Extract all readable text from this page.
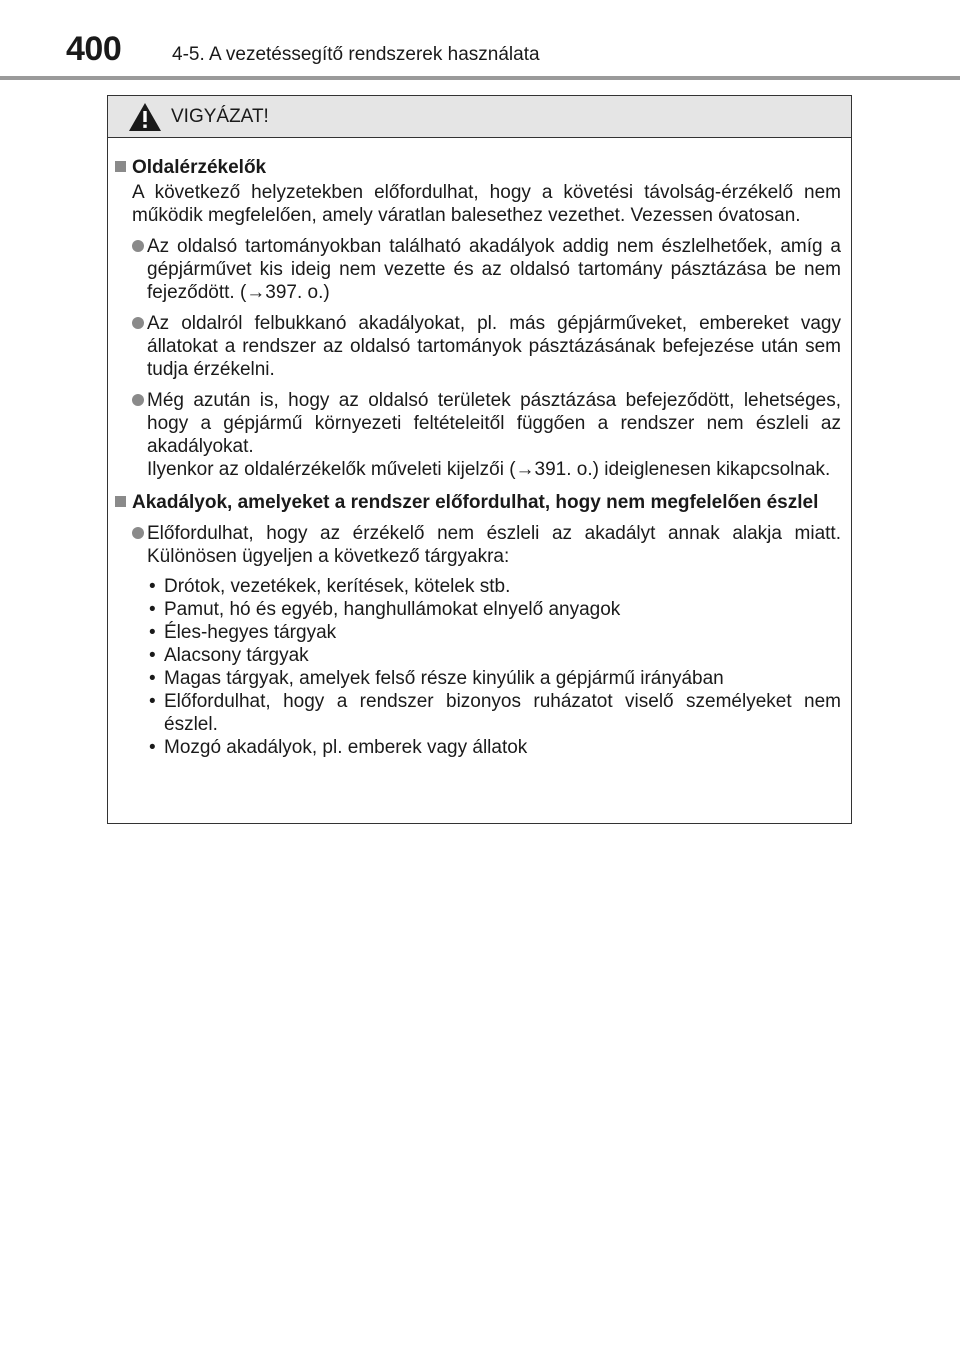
400	4-5. A vezetéssegítő rendszerek használata
VIGYÁZAT!
Oldalérzékelők
A következő helyzetekben előfordulhat, hogy a követési távolság-érzékelő nem működik megfelelően, amely váratlan balesethez vezethet. Vezessen óvatosan.
Az oldalsó tartományokban található akadályok addig nem észlelhetőek, amíg a gépjárművet kis ideig nem vezette és az oldalsó tartomány pásztázása be nem fejeződött. (→397. o.)
Az oldalról felbukkanó akadályokat, pl. más gépjárműveket, embereket vagy állatokat a rendszer az oldalsó tartományok pásztázásának befejezése után sem tudja érzékelni.
Még azután is, hogy az oldalsó területek pásztázása befejeződött, lehetséges, hogy a gépjármű környezeti feltételeitől függően a rendszer nem észleli az akadályokat.
Ilyenkor az oldalérzékelők műveleti kijelzői (→391. o.) ideiglenesen kikapcsolnak.
Akadályok, amelyeket a rendszer előfordulhat, hogy nem megfelelően észlel
Előfordulhat, hogy az érzékelő nem észleli az akadályt annak alakja miatt. Különösen ügyeljen a következő tárgyakra:
• Drótok, vezetékek, kerítések, kötelek stb.
• Pamut, hó és egyéb, hanghullámokat elnyelő anyagok
• Éles-hegyes tárgyak
• Alacsony tárgyak
• Magas tárgyak, amelyek felső része kinyúlik a gépjármű irányában
• Előfordulhat, hogy a rendszer bizonyos ruházatot viselő személyeket nem észlel.
• Mozgó akadályok, pl. emberek vagy állatok
